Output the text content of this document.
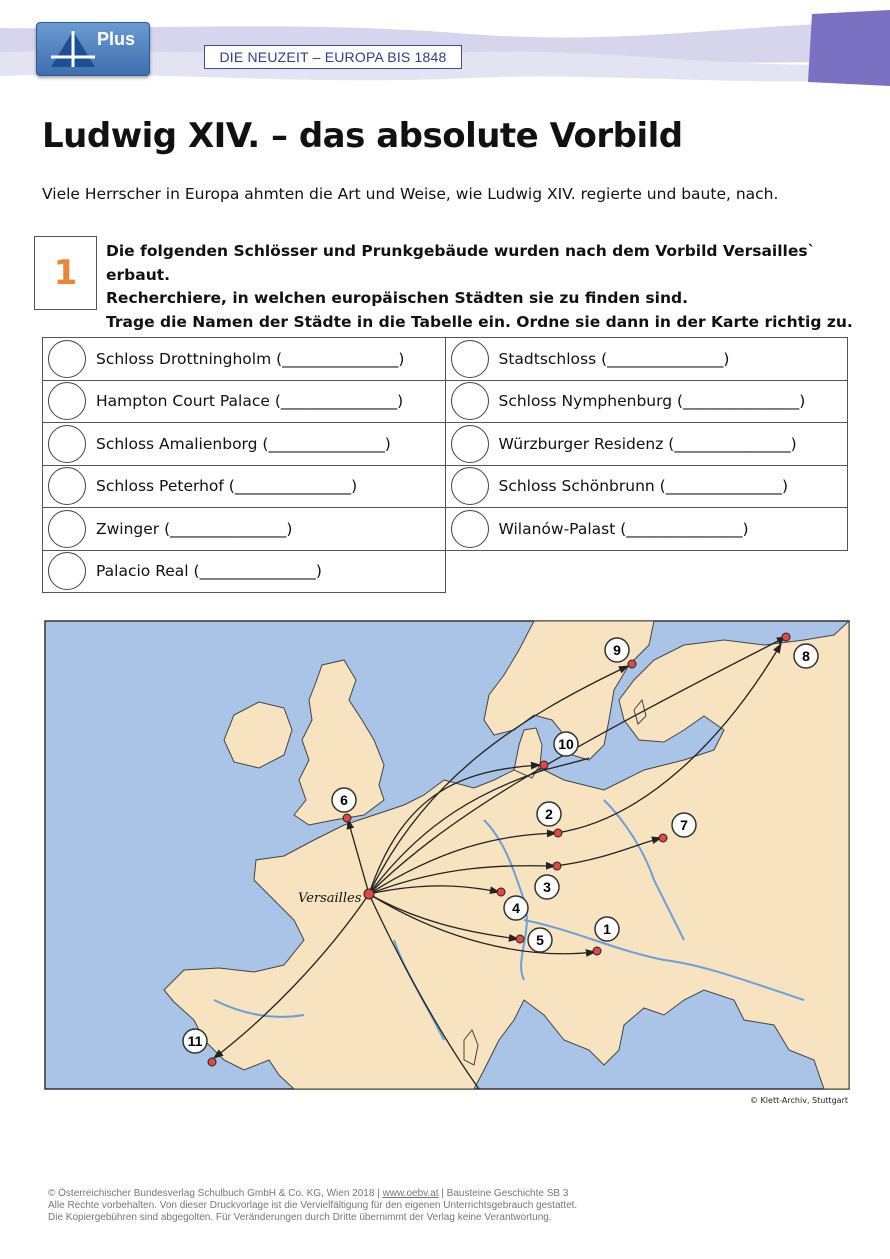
Plus
DIE NEUZEIT – EUROPA BIS 1848
Ludwig XIV. – das absolute Vorbild

Viele Herrscher in Europa ahmten die Art und Weise, wie Ludwig XIV. regierte und baute, nach.

1
Die folgenden Schlösser und Prunkgebäude wurden nach dem Vorbild Versailles` erbaut.
Recherchiere, in welchen europäischen Städten sie zu finden sind.
Trage die Namen der Städte in die Tabelle ein. Ordne sie dann in der Karte richtig zu.
Schloss Drottningholm (_______________)	Stadtschloss (_______________)

Hampton Court Palace (_______________)	Schloss Nymphenburg (_______________)

Schloss Amalienborg (_______________)	Würzburger Residenz (_______________)

Schloss Peterhof (_______________)	Schloss Schönbrunn (_______________)

Zwinger (_______________)	Wilanów-Palast (_______________)

Palacio Real (_______________)	

Versailles
1
2
3
4
5
6
7
8
9
10
11
© Klett-Archiv, Stuttgart
© Österreichischer Bundesverlag Schulbuch GmbH & Co. KG, Wien 2018 | www.oebv.at | Bausteine Geschichte SB 3
Alle Rechte vorbehalten. Von dieser Druckvorlage ist die Vervielfältigung für den eigenen Unterrichtsgebrauch gestattet.
Die Kopiergebühren sind abgegolten. Für Veränderungen durch Dritte übernimmt der Verlag keine Verantwortung.
